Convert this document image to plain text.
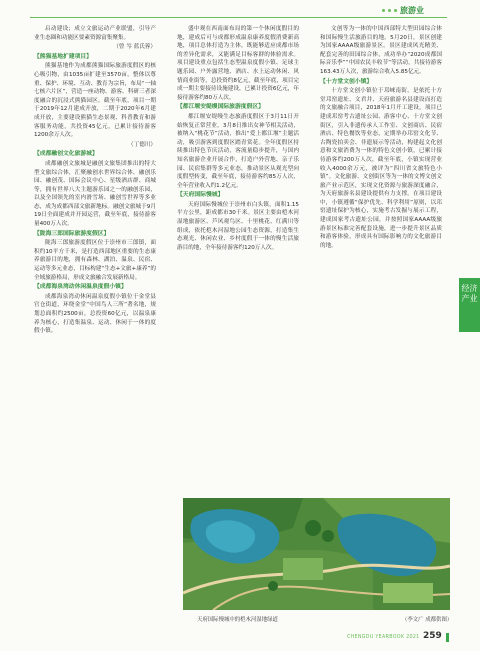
旅游业

启动建设；成立文旅运动产业联盟，引导产业生态圈和功能区要素资源富集聚集。

（曾 岑 蓝氏蓉）

【熊猫基地扩建项目】

熊猫基地作为成都熊猫国际旅游度假区的核心吸引物，由1035亩扩建至3570亩，整体以尊重、保护、环境、互动、教育为宗旨，布局“一轴七核六片区”，营造一座动物、游客、科研三者深度融合的沉浸式熊猫园区。截至年底，项目一期于2019年12月建成开放，二期于2020年6月建成开放，主要建设熊猫生态景观、科普教育和游客服务功能，共投资45亿元，已累计接待游客1200余万人次。

（丁德川）

【成都融创文化旅游城】

成都融创文旅城是融创文旅集团推出的特大型文旅综合体，汇聚融创水世界综合体、融创乐园、融创茂、国际会议中心、星级酒店群、商城等，拥有世界八大主题游乐园之一的融创乐园，以及全国领先的室内滑雪场、融创雪世界等多业态，成为成都西部文旅新地标。融创文旅城于9月19日全面建成并开园运营，截至年底，接待游客量400万人次。

【陇海三郎国际旅游度假区】

陇海三郎旅游度假区位于崇州市三郎镇，面积约10平方千米，是打造西部地区重要的生态康养旅游目的地，拥有森林、湖泊、温泉、民宿、运动等多元业态，目标构建“生态+文旅+康养”的全域旅游格局，形成文旅融合发展新格局。

【成都海泉湾动休闲温泉度假小镇】

成都海泉湾动休闲温泉度假小镇位于金堂县官仓街道，环绕金堂“中国鸟人三所”著名地，规划总面积约2500亩，总投资60亿元，以温泉康养为核心，打造集温泉、运动、休闲于一体的度假小镇。

盛中观在西南面布局的第一个休闲度假目的地，建成后可与成都形成温泉康养度假消费新高地，项目总体打造为主体，既能够适应成都市场的差异化需求，又能满足目标客群的体验需求。项目建设重点包括生态型温泉度假小镇、足球主题乐园、户外露营地、酒店、水上运动休闲、风情商业街等，总投资约8亿元，截至年底，项目完成一期主要接待设施建设，已累计投资6亿元，年接待游客约80万人次。

【都江堰安缇缦国际旅游度假区】

都江堰安缇缦生态旅游度假区于3月11日开始恢复正常营业，3月8日推出女神节相关活动，被纳入“桃花节”活动，推出“爱上都江堰”主题活动，吸引游客到度假区踏青赏花。全年度假区持续推出特色节庆活动，客流量稳步提升，与国内知名旅游企业开展合作，打造户外营地、亲子乐园、民宿集群等多元业态，推动景区从观光型向度假型转变，截至年底，接待游客约85万人次，全年营业收入约1.2亿元。

【天府国际慢城】

天府国际慢城位于崇州市白头镇，面积1.15平方公里，距成都市30千米。景区主要由桤木河湿地旅游区、芦风观鸟区、十里桃花、红满川等组成，依托桤木河湿地公园生态资源，打造集生态观光、休闲农业、乡村度假于一体的慢生活旅游目的地，全年接待游客约120万人次。

文创等为一体的中国西部特大型田园综合体和国际慢生活旅游目的地。5月20日，景区创建为国家AAAA级旅游景区。景区建成风光精美、配套完善的田园综合体，成功举办“2020成都国际音乐季”“中国农民丰收节”等活动，共接待游客163.43万人次，旅游综合收入5.85亿元。

【十方堂文创小镇】

十方堂文创小镇位于邛崃南街，是依托十方堂邛窑遗址、文君井、天府旅游名县建设而打造的文旅融合项目，2018年1月开工建设，项目已建成邛窑考古遗址公园、游客中心、十方堂文创街区，引入非遗传承人工作室、文创商店、民宿酒店、特色餐饮等业态，定期举办邛窑文化节、古陶瓷拍卖会、非遗展示等活动，构建起文化创意和文旅消费为一体的特色文创小镇，已累计接待游客约200万人次，截至年底，小镇实现营业收入4000余万元，被评为“四川省文旅特色小镇”。文化旅游、文创街区等为一体的文博文创文旅产业示范区，实现文化资源与旅游深度融合，为天府旅游名县建设提供有力支撑。在项目建设中，小镇遵循“保护优先、科学利用”原则，以邛窑遗址保护为核心，实施考古发掘与展示工程，建成国家考古遗址公园，并按照国家AAAA级旅游景区标准完善配套设施，进一步提升景区品质和游客体验，形成具有国际影响力的文化旅游目的地。

经济产业
天府国际慢城中的桤木河湿地绿道	（李文广 成都供图）
CHENGDU YEARBOOK 2021 259
